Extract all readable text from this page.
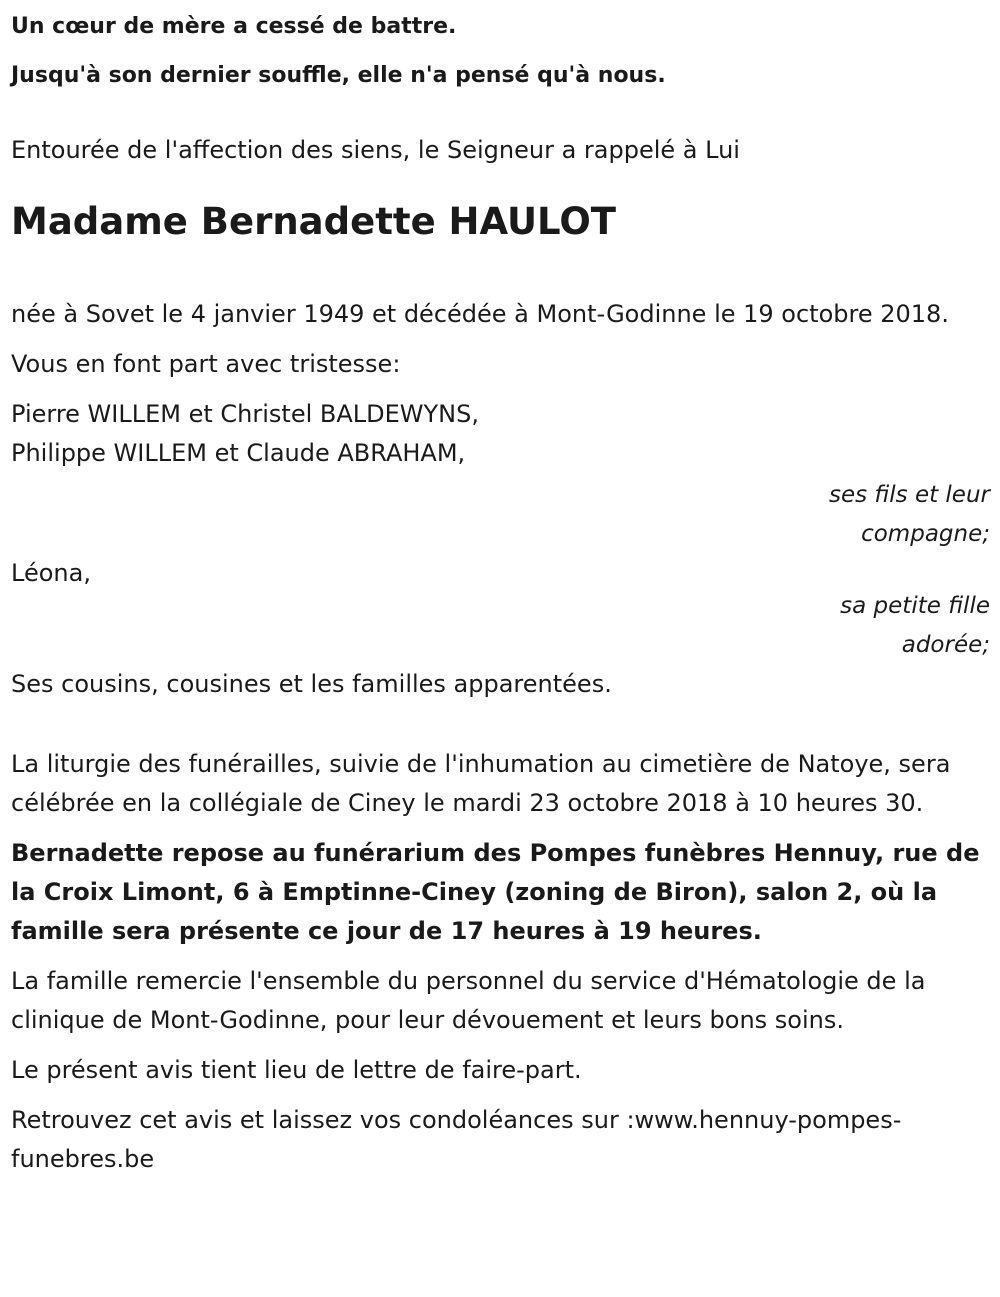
Un cœur de mère a cessé de battre.

Jusqu'à son dernier souffle, elle n'a pensé qu'à nous.

Entourée de l'affection des siens, le Seigneur a rappelé à Lui

Madame Bernadette HAULOT

née à Sovet le 4 janvier 1949 et décédée à Mont-Godinne le 19 octobre 2018.

Vous en font part avec tristesse:

Pierre WILLEM et Christel BALDEWYNS,

Philippe WILLEM et Claude ABRAHAM,

ses fils et leur compagne;

Léona,

sa petite fille adorée;

Ses cousins, cousines et les familles apparentées.

La liturgie des funérailles, suivie de l'inhumation au cimetière de Natoye, sera célébrée en la collégiale de Ciney le mardi 23 octobre 2018 à 10 heures 30.

Bernadette repose au funérarium des Pompes funèbres Hennuy, rue de la Croix Limont, 6 à Emptinne-Ciney (zoning de Biron), salon 2, où la famille sera présente ce jour de 17 heures à 19 heures.

La famille remercie l'ensemble du personnel du service d'Hématologie de la clinique de Mont-Godinne, pour leur dévouement et leurs bons soins.

Le présent avis tient lieu de lettre de faire-part.

Retrouvez cet avis et laissez vos condoléances sur :www.hennuy-pompes-funebres.be
